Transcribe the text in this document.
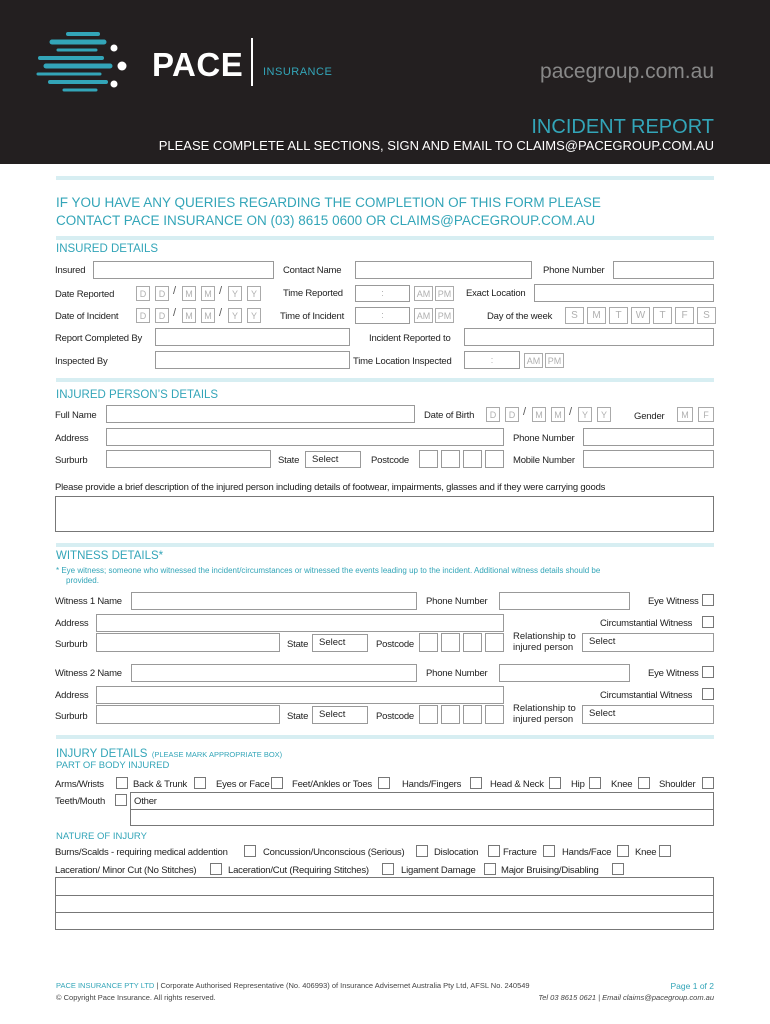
PACE INSURANCE	pacegroup.com.au
INCIDENT REPORT
PLEASE COMPLETE ALL SECTIONS, SIGN AND EMAIL TO CLAIMS@PACEGROUP.COM.AU
IF YOU HAVE ANY QUERIES REGARDING THE COMPLETION OF THIS FORM PLEASE
CONTACT PACE INSURANCE ON (03) 8615 0600 OR CLAIMS@PACEGROUP.COM.AU
INSURED DETAILS
Insured	Contact Name	Phone Number
Date Reported	D	D /	M	M /	Y	Y	Time Reported	:	AM PM Exact Location
Date of Incident	D	D /	M	M /	Y	Y	Time of Incident	:	AM PM	Day of the week	S	M	T	W	T	F	S
Report Completed By	Incident Reported to
Inspected By	Time Location Inspected	:	AM PM
INJURED PERSON’S DETAILS
Full Name	Date of Birth	D	D /	M	M /	Y	Y	Gender	M	F
Address	Phone Number
Surburb	State	Select	Postcode	Mobile Number
Please provide a brief description of the injured person including details of footwear, impairments, glasses and if they were carrying goods
WITNESS DETAILS*
* Eye witness; someone who witnessed the incident/circumstances or witnessed the events leading up to the incident. Additional witness details should be
provided.
Witness 1 Name	Phone Number	Eye Witness
Address	Circumstantial Witness
Surburb	State	Select	Postcode
Relationship to
injured person
Select
Witness 2 Name	Phone Number	Eye Witness
Address	Circumstantial Witness
Surburb	State	Select	Postcode
Relationship to
injured person
Select
INJURY DETAILS (PLEASE MARK APPROPRIATE BOX)
PART OF BODY INJURED
Arms/Wrists	Back & Trunk	Eyes or Face Feet/Ankles or Toes	Hands/Fingers	Head & Neck	Hip	Knee	Shoulder
Teeth/Mouth	Other
NATURE OF INJURY
Burns/Scalds - requiring medical addention	Concussion/Unconscious (Serious)	Dislocation	Fracture	Hands/Face	Knee
Laceration/ Minor Cut (No Stitches)	Laceration/Cut (Requiring Stitches)	Ligament Damage	Major Bruising/Disabling
PACE INSURANCE PTY LTD | Corporate Authorised Representative (No. 406993) of Insurance Advisernet Australia Pty Ltd, AFSL No. 240549
© Copyright Pace Insurance. All rights reserved.
Page 1 of 2
Tel 03 8615 0621 | Email claims@pacegroup.com.au
